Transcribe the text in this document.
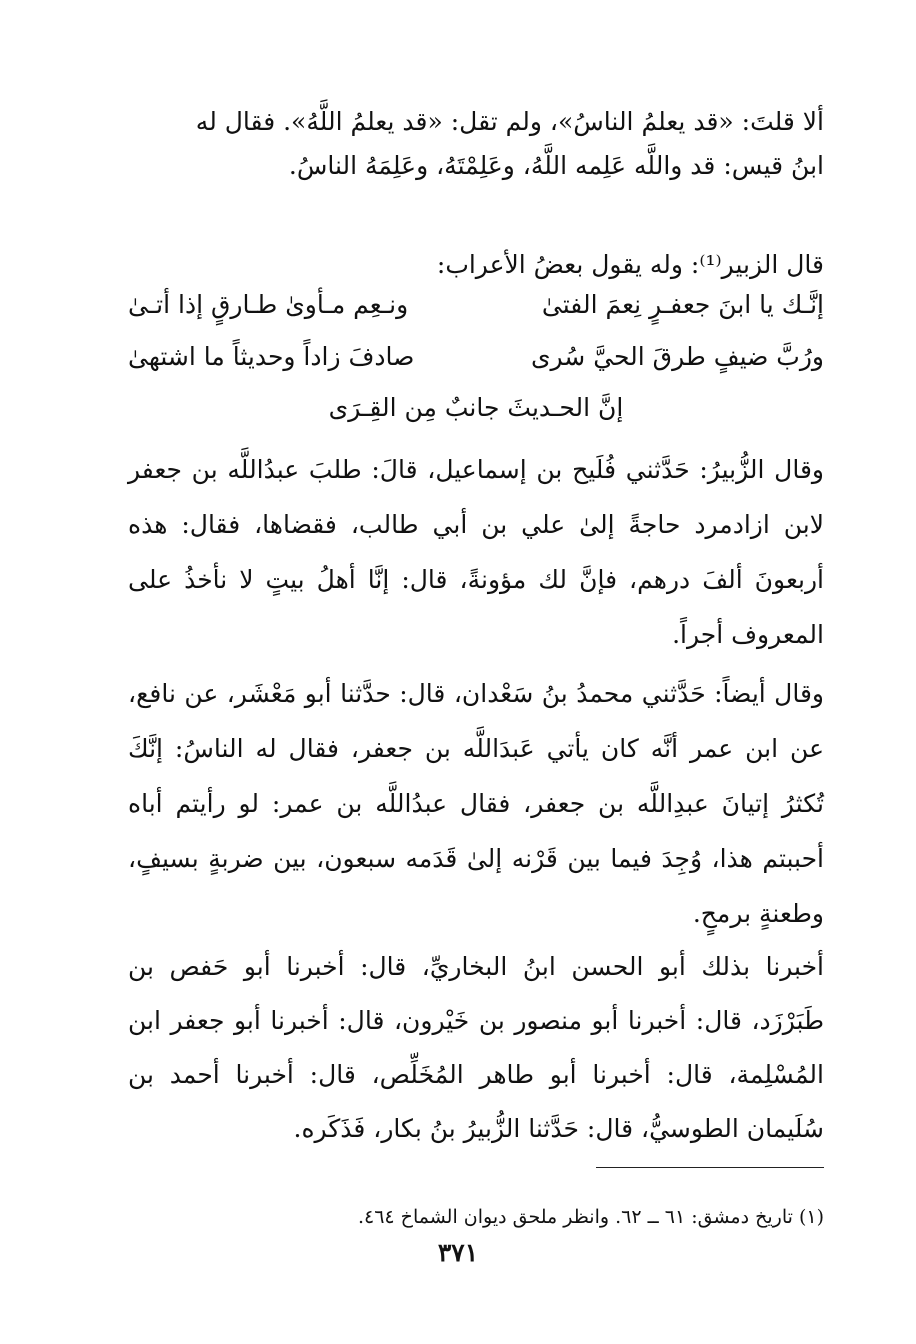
ألا قلتَ: «قد يعلمُ الناسُ»، ولم تقل: «قد يعلمُ اللَّهُ». فقال له

ابنُ قيس: قد واللَّه عَلِمه اللَّهُ، وعَلِمْتَهُ، وعَلِمَهُ الناسُ.

قال الزبير⁽¹⁾: وله يقول بعضُ الأعراب:

إنَّـك يا ابنَ جعفـرٍ نِعمَ الفتىٰ
ونـعِم مـأوىٰ طـارقٍ إذا أتـىٰ
ورُبَّ ضيفٍ طرقَ الحيَّ سُرى
صادفَ زاداً وحديثاً ما اشتهىٰ
إنَّ الحـديثَ جانبٌ مِن القِـرَى
وقال الزُّبيرُ: حَدَّثني فُلَيح بن إسماعيل، قالَ: طلبَ عبدُاللَّه بن جعفر لابن ازادمرد حاجةً إلىٰ علي بن أبي طالب، فقضاها، فقال: هذه أربعونَ ألفَ درهم، فإنَّ لك مؤونةً، قال: إنَّا أهلُ بيتٍ لا نأخذُ على المعروف أجراً.
وقال أيضاً: حَدَّثني محمدُ بنُ سَعْدان، قال: حدَّثنا أبو مَعْشَر، عن نافع، عن ابن عمر أنَّه كان يأتي عَبدَاللَّه بن جعفر، فقال له الناسُ: إنَّكَ تُكثرُ إتيانَ عبدِاللَّه بن جعفر، فقال عبدُاللَّه بن عمر: لو رأيتم أباه أحببتم هذا، وُجِدَ فيما بين قَرْنه إلىٰ قَدَمه سبعون، بين ضربةٍ بسيفٍ، وطعنةٍ برمحٍ.
أخبرنا بذلك أبو الحسن ابنُ البخاريِّ، قال: أخبرنا أبو حَفص بن طَبَرْزَد، قال: أخبرنا أبو منصور بن خَيْرون، قال: أخبرنا أبو جعفر ابن المُسْلِمة، قال: أخبرنا أبو طاهر المُخَلِّص، قال: أخبرنا أحمد بن سُلَيمان الطوسيُّ، قال: حَدَّثنا الزُّبيرُ بنُ بكار، فَذَكَره.

(١) تاريخ دمشق: ٦١ ــ ٦٢. وانظر ملحق ديوان الشماخ ٤٦٤.

٣٧١
